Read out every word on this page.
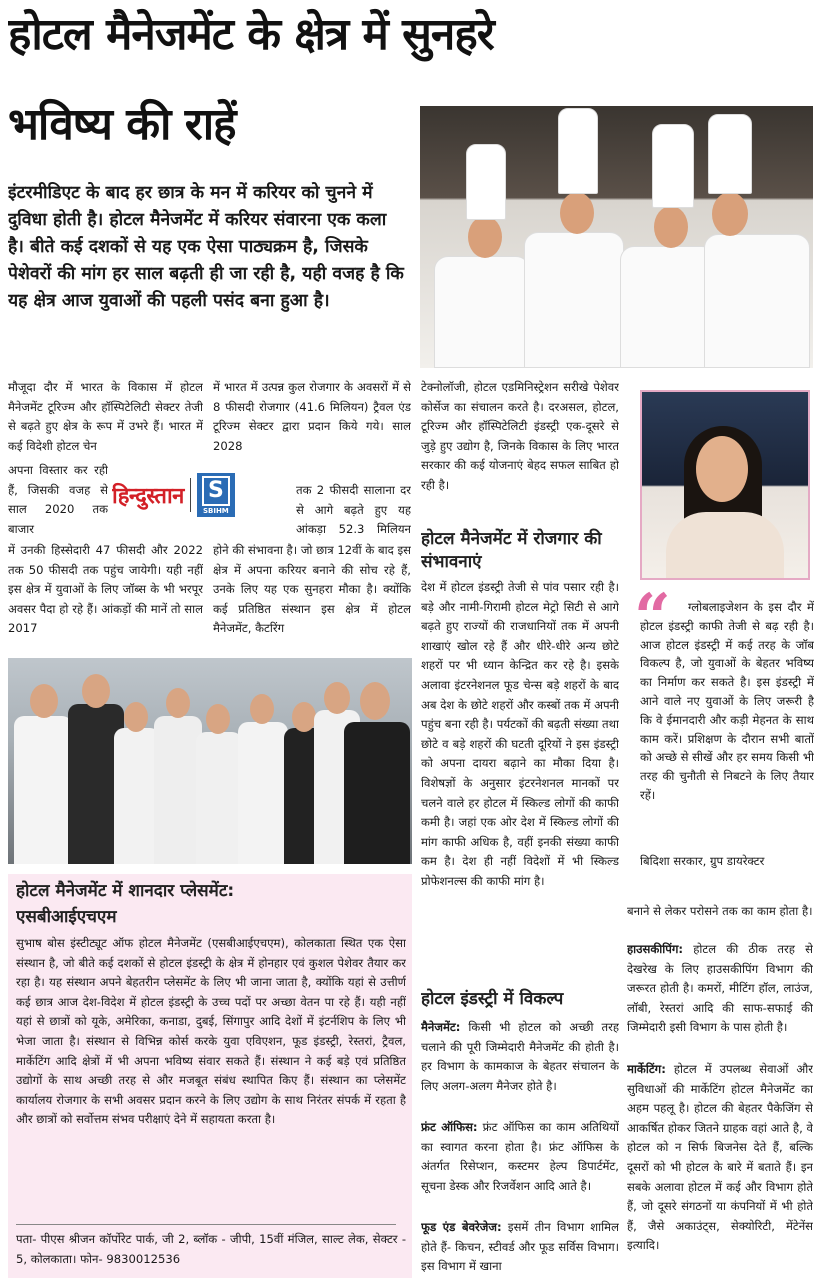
होटल मैनेजमेंट के क्षेत्र में सुनहरे
भविष्य की राहें
इंटरमीडिएट के बाद हर छात्र के मन में करियर को चुनने में दुविधा होती है। होटल मैनेजमेंट में करियर संवारना एक कला है। बीते कई दशकों से यह एक ऐसा पाठ्यक्रम है, जिसके पेशेवरों की मांग हर साल बढ़ती ही जा रही है, यही वजह है कि यह क्षेत्र आज युवाओं की पहली पसंद बना हुआ है।
मौजूदा दौर में भारत के विकास में होटल मैनेजमेंट टूरिज्म और हॉस्पिटेलिटी सेक्टर तेजी से बढ़ते हुए क्षेत्र के रूप में उभरे हैं। भारत में कई विदेशी होटल चेन
अपना विस्तार कर रही हैं, जिसकी वजह से साल 2020 तक बाजार
में उनकी हिस्सेदारी 47 फीसदी और 2022 तक 50 फीसदी तक पहुंच जायेगी। यही नहीं इस क्षेत्र में युवाओं के लिए जॉब्स के भी भरपूर अवसर पैदा हो रहे हैं। आंकड़ों की मानें तो साल 2017
हिन्दुस्तान S
SBIHM
में भारत में उत्पन्न कुल रोजगार के अवसरों में से 8 फीसदी रोजगार (41.6 मिलियन) ट्रैवल एंड टूरिज्म सेक्टर द्वारा प्रदान किये गये। साल 2028
तक 2 फीसदी सालाना दर से आगे बढ़ते हुए यह आंकड़ा 52.3 मिलियन
होने की संभावना है। जो छात्र 12वीं के बाद इस क्षेत्र में अपना करियर बनाने की सोच रहे हैं, उनके लिए यह एक सुनहरा मौका है। क्योंकि कई प्रतिष्ठित संस्थान इस क्षेत्र में होटल मैनेजमेंट, कैटरिंग
होटल मैनेजमेंट में शानदार प्लेसमेंट:
एसबीआईएचएम
सुभाष बोस इंस्टीट्यूट ऑफ होटल मैनेजमेंट (एसबीआईएचएम), कोलकाता स्थित एक ऐसा संस्थान है, जो बीते कई दशकों से होटल इंडस्ट्री के क्षेत्र में होनहार एवं कुशल पेशेवर तैयार कर रहा है। यह संस्थान अपने बेहतरीन प्लेसमेंट के लिए भी जाना जाता है, क्योंकि यहां से उत्तीर्ण कई छात्र आज देश-विदेश में होटल इंडस्ट्री के उच्च पदों पर अच्छा वेतन पा रहे हैं। यही नहीं यहां से छात्रों को यूके, अमेरिका, कनाडा, दुबई, सिंगापुर आदि देशों में इंटर्नशिप के लिए भी भेजा जाता है। संस्थान से विभिन्न कोर्स करके युवा एविएशन, फूड इंडस्ट्री, रेस्तरां, ट्रैवल, मार्केटिंग आदि क्षेत्रों में भी अपना भविष्य संवार सकते हैं। संस्थान ने कई बड़े एवं प्रतिष्ठित उद्योगों के साथ अच्छी तरह से और मजबूत संबंध स्थापित किए हैं। संस्थान का प्लेसमेंट कार्यालय रोजगार के सभी अवसर प्रदान करने के लिए उद्योग के साथ निरंतर संपर्क में रहता है और छात्रों को सर्वोत्तम संभव परीक्षाएं देने में सहायता करता है।
पता- पीएस श्रीजन कॉर्पोरेट पार्क, जी 2, ब्लॉक - जीपी, 15वीं मंजिल, साल्ट लेक, सेक्टर - 5, कोलकाता। फोन- 9830012536
टेक्नोलॉजी, होटल एडमिनिस्ट्रेशन सरीखे पेशेवर कोर्सेज का संचालन करते है। दरअसल, होटल, टूरिज्म और हॉस्पिटेलिटी इंडस्ट्री एक-दूसरे से जुड़े हुए उद्योग है, जिनके विकास के लिए भारत सरकार की कई योजनाएं बेहद सफल साबित हो रही है।
होटल मैनेजमेंट में रोजगार की संभावनाएं
देश में होटल इंडस्ट्री तेजी से पांव पसार रही है। बड़े और नामी-गिरामी होटल मेट्रो सिटी से आगे बढ़ते हुए राज्यों की राजधानियों तक में अपनी शाखाएं खोल रहे हैं और धीरे-धीरे अन्य छोटे शहरों पर भी ध्यान केन्द्रित कर रहे है। इसके अलावा इंटरनेशनल फूड चेन्स बड़े शहरों के बाद अब देश के छोटे शहरों और कस्बों तक में अपनी पहुंच बना रही है। पर्यटकों की बढ़ती संख्या तथा छोटे व बड़े शहरों की घटती दूरियों ने इस इंडस्ट्री को अपना दायरा बढ़ाने का मौका दिया है। विशेषज्ञों के अनुसार इंटरनेशनल मानकों पर चलने वाले हर होटल में स्किल्ड लोगों की काफी कमी है। जहां एक ओर देश में स्किल्ड लोगों की मांग काफी अधिक है, वहीं इनकी संख्या काफी कम है। देश ही नहीं विदेशों में भी स्किल्ड प्रोफेशनल्स की काफी मांग है।
होटल इंडस्ट्री में विकल्प
मैनेजमेंट: किसी भी होटल को अच्छी तरह चलाने की पूरी जिम्मेदारी मैनेजमेंट की होती है। हर विभाग के कामकाज के बेहतर संचालन के लिए अलग-अलग मैनेजर होते है।
फ्रंट ऑफिस: फ्रंट ऑफिस का काम अतिथियों का स्वागत करना होता है। फ्रंट ऑफिस के अंतर्गत रिसेप्शन, कस्टमर हेल्प डिपार्टमेंट, सूचना डेस्क और रिजर्वेशन आदि आते है।
फूड एंड बेवरेजेज: इसमें तीन विभाग शामिल होते हैं- किचन, स्टीवर्ड और फूड सर्विस विभाग। इस विभाग में खाना
“	ग्लोबलाइजेशन के इस दौर में होटल इंडस्ट्री काफी तेजी से बढ़ रही है। आज होटल इंडस्ट्री में कई तरह के जॉब विकल्प है, जो युवाओं के बेहतर भविष्य का निर्माण कर सकते है। इस इंडस्ट्री में आने वाले नए युवाओं के लिए जरूरी है कि वे ईमानदारी और कड़ी मेहनत के साथ काम करें। प्रशिक्षण के दौरान सभी बातों को अच्छे से सीखें और हर समय किसी भी तरह की चुनौती से निबटने के लिए तैयार रहें।
बिदिशा सरकार, ग्रुप डायरेक्टर
बनाने से लेकर परोसने तक का काम होता है।
हाउसकीपिंग: होटल की ठीक तरह से देखरेख के लिए हाउसकीपिंग विभाग की जरूरत होती है। कमरों, मीटिंग हॉल, लाउंज, लॉबी, रेस्तरां आदि की साफ-सफाई की जिम्मेदारी इसी विभाग के पास होती है।
मार्केटिंग: होटल में उपलब्ध सेवाओं और सुविधाओं की मार्केटिंग होटल मैनेजमेंट का अहम पहलू है। होटल की बेहतर पैकेजिंग से आकर्षित होकर जितने ग्राहक वहां आते है, वे होटल को न सिर्फ बिजनेस देते हैं, बल्कि दूसरों को भी होटल के बारे में बताते हैं। इन सबके अलावा होटल में कई और विभाग होते हैं, जो दूसरे संगठनों या कंपनियों में भी होते हैं, जैसे अकाउंट्स, सेक्योरिटी, मेंटेनेंस इत्यादि।
